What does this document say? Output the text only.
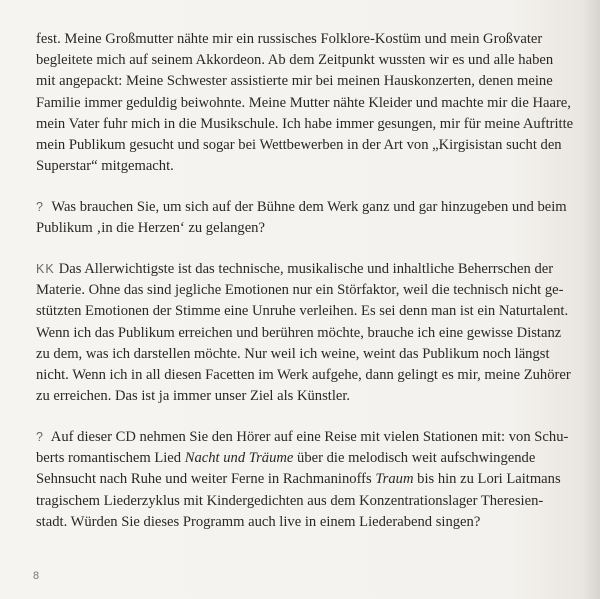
fest. Meine Großmutter nähte mir ein russisches Folklore-Kostüm und mein Großvater
begleitete mich auf seinem Akkordeon. Ab dem Zeitpunkt wussten wir es und alle haben
mit angepackt: Meine Schwester assistierte mir bei meinen Hauskonzerten, denen meine
Familie immer geduldig beiwohnte. Meine Mutter nähte Kleider und machte mir die Haare,
mein Vater fuhr mich in die Musikschule. Ich habe immer gesungen, mir für meine Auftritte
mein Publikum gesucht und sogar bei Wettbewerben in der Art von „Kirgisistan sucht den
Superstar“ mitgemacht.
? Was brauchen Sie, um sich auf der Bühne dem Werk ganz und gar hinzugeben und beim
Publikum ‚in die Herzen‘ zu gelangen?
KK Das Allerwichtigste ist das technische, musikalische und inhaltliche Beherrschen der
Materie. Ohne das sind jegliche Emotionen nur ein Störfaktor, weil die technisch nicht ge-
stützten Emotionen der Stimme eine Unruhe verleihen. Es sei denn man ist ein Naturtalent.
Wenn ich das Publikum erreichen und berühren möchte, brauche ich eine gewisse Distanz
zu dem, was ich darstellen möchte. Nur weil ich weine, weint das Publikum noch längst
nicht. Wenn ich in all diesen Facetten im Werk aufgehe, dann gelingt es mir, meine Zuhörer
zu erreichen. Das ist ja immer unser Ziel als Künstler.
? Auf dieser CD nehmen Sie den Hörer auf eine Reise mit vielen Stationen mit: von Schu-
berts romantischem Lied Nacht und Träume über die melodisch weit aufschwingende
Sehnsucht nach Ruhe und weiter Ferne in Rachmaninoffs Traum bis hin zu Lori Laitmans
tragischem Liederzyklus mit Kindergedichten aus dem Konzentrationslager Theresien-
stadt. Würden Sie dieses Programm auch live in einem Liederabend singen?
8
